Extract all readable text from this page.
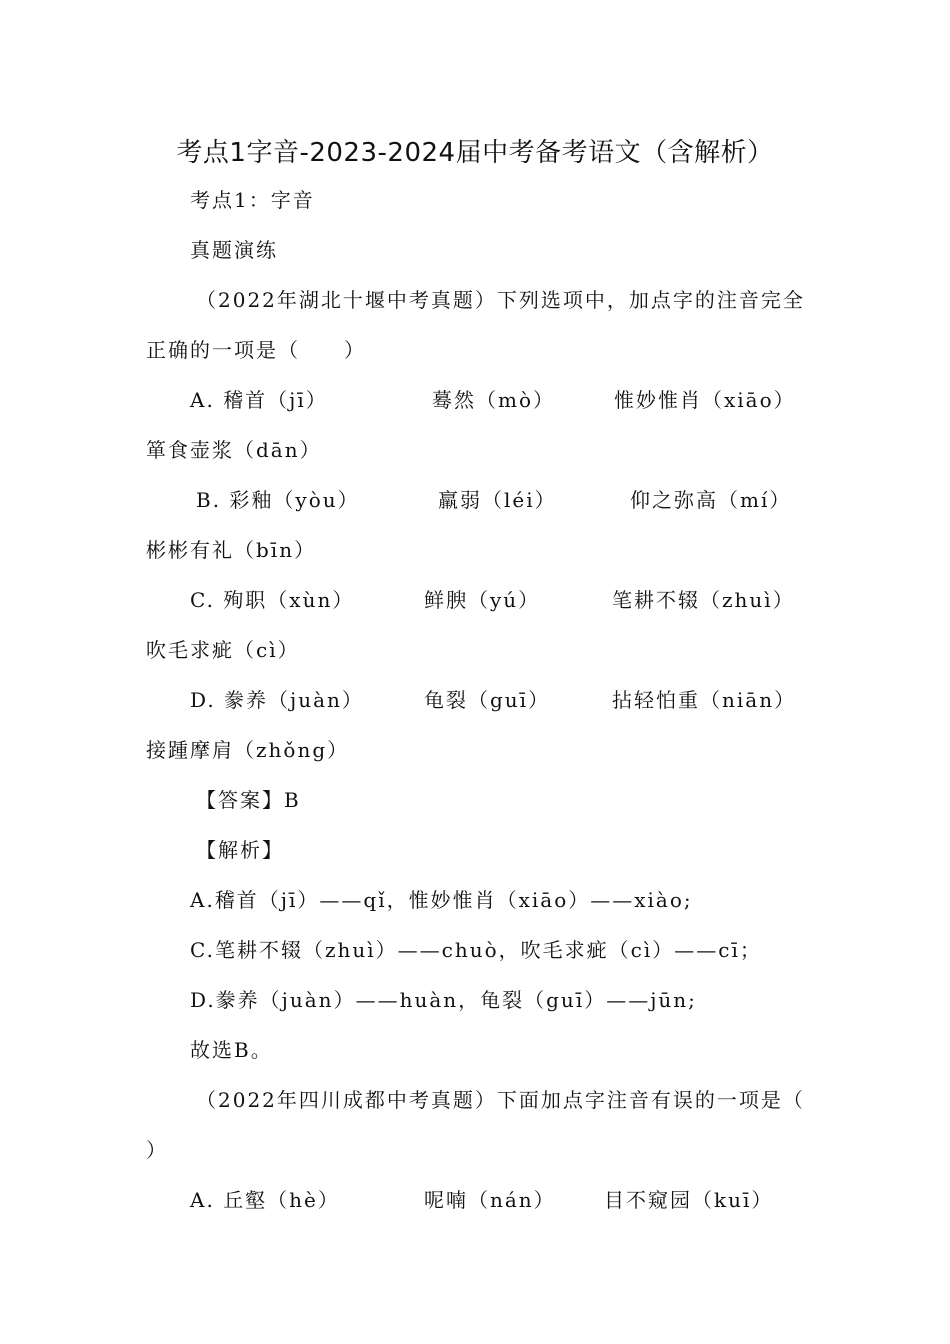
考点1字音-2023-2024届中考备考语文（含解析）
考点1：字音
真题演练
（2022年湖北十堰中考真题）下列选项中，加点字的注音完全
正确的一项是（　　）
A. 稽首（jī）	蓦然（mò）	惟妙惟肖（xiāo）
箪食壶浆（dān）
B. 彩釉（yòu）	羸弱（léi）	仰之弥高（mí）
彬彬有礼（bīn）
C. 殉职（xùn）	鲜腴（yú）	笔耕不辍（zhuì）
吹毛求疵（cì）
D. 豢养（juàn）	龟裂（guī）	拈轻怕重（niān）
接踵摩肩（zhǒng）
【答案】B
【解析】
A.稽首（jī）——qǐ，惟妙惟肖（xiāo）——xiào;
C.笔耕不辍（zhuì）——chuò，吹毛求疵（cì）——cī；
D.豢养（juàn）——huàn，龟裂（guī）——jūn;
故选B。
（2022年四川成都中考真题）下面加点字注音有误的一项是（
）
A. 丘壑（hè）	呢喃（nán） 目不窥园（kuī）
